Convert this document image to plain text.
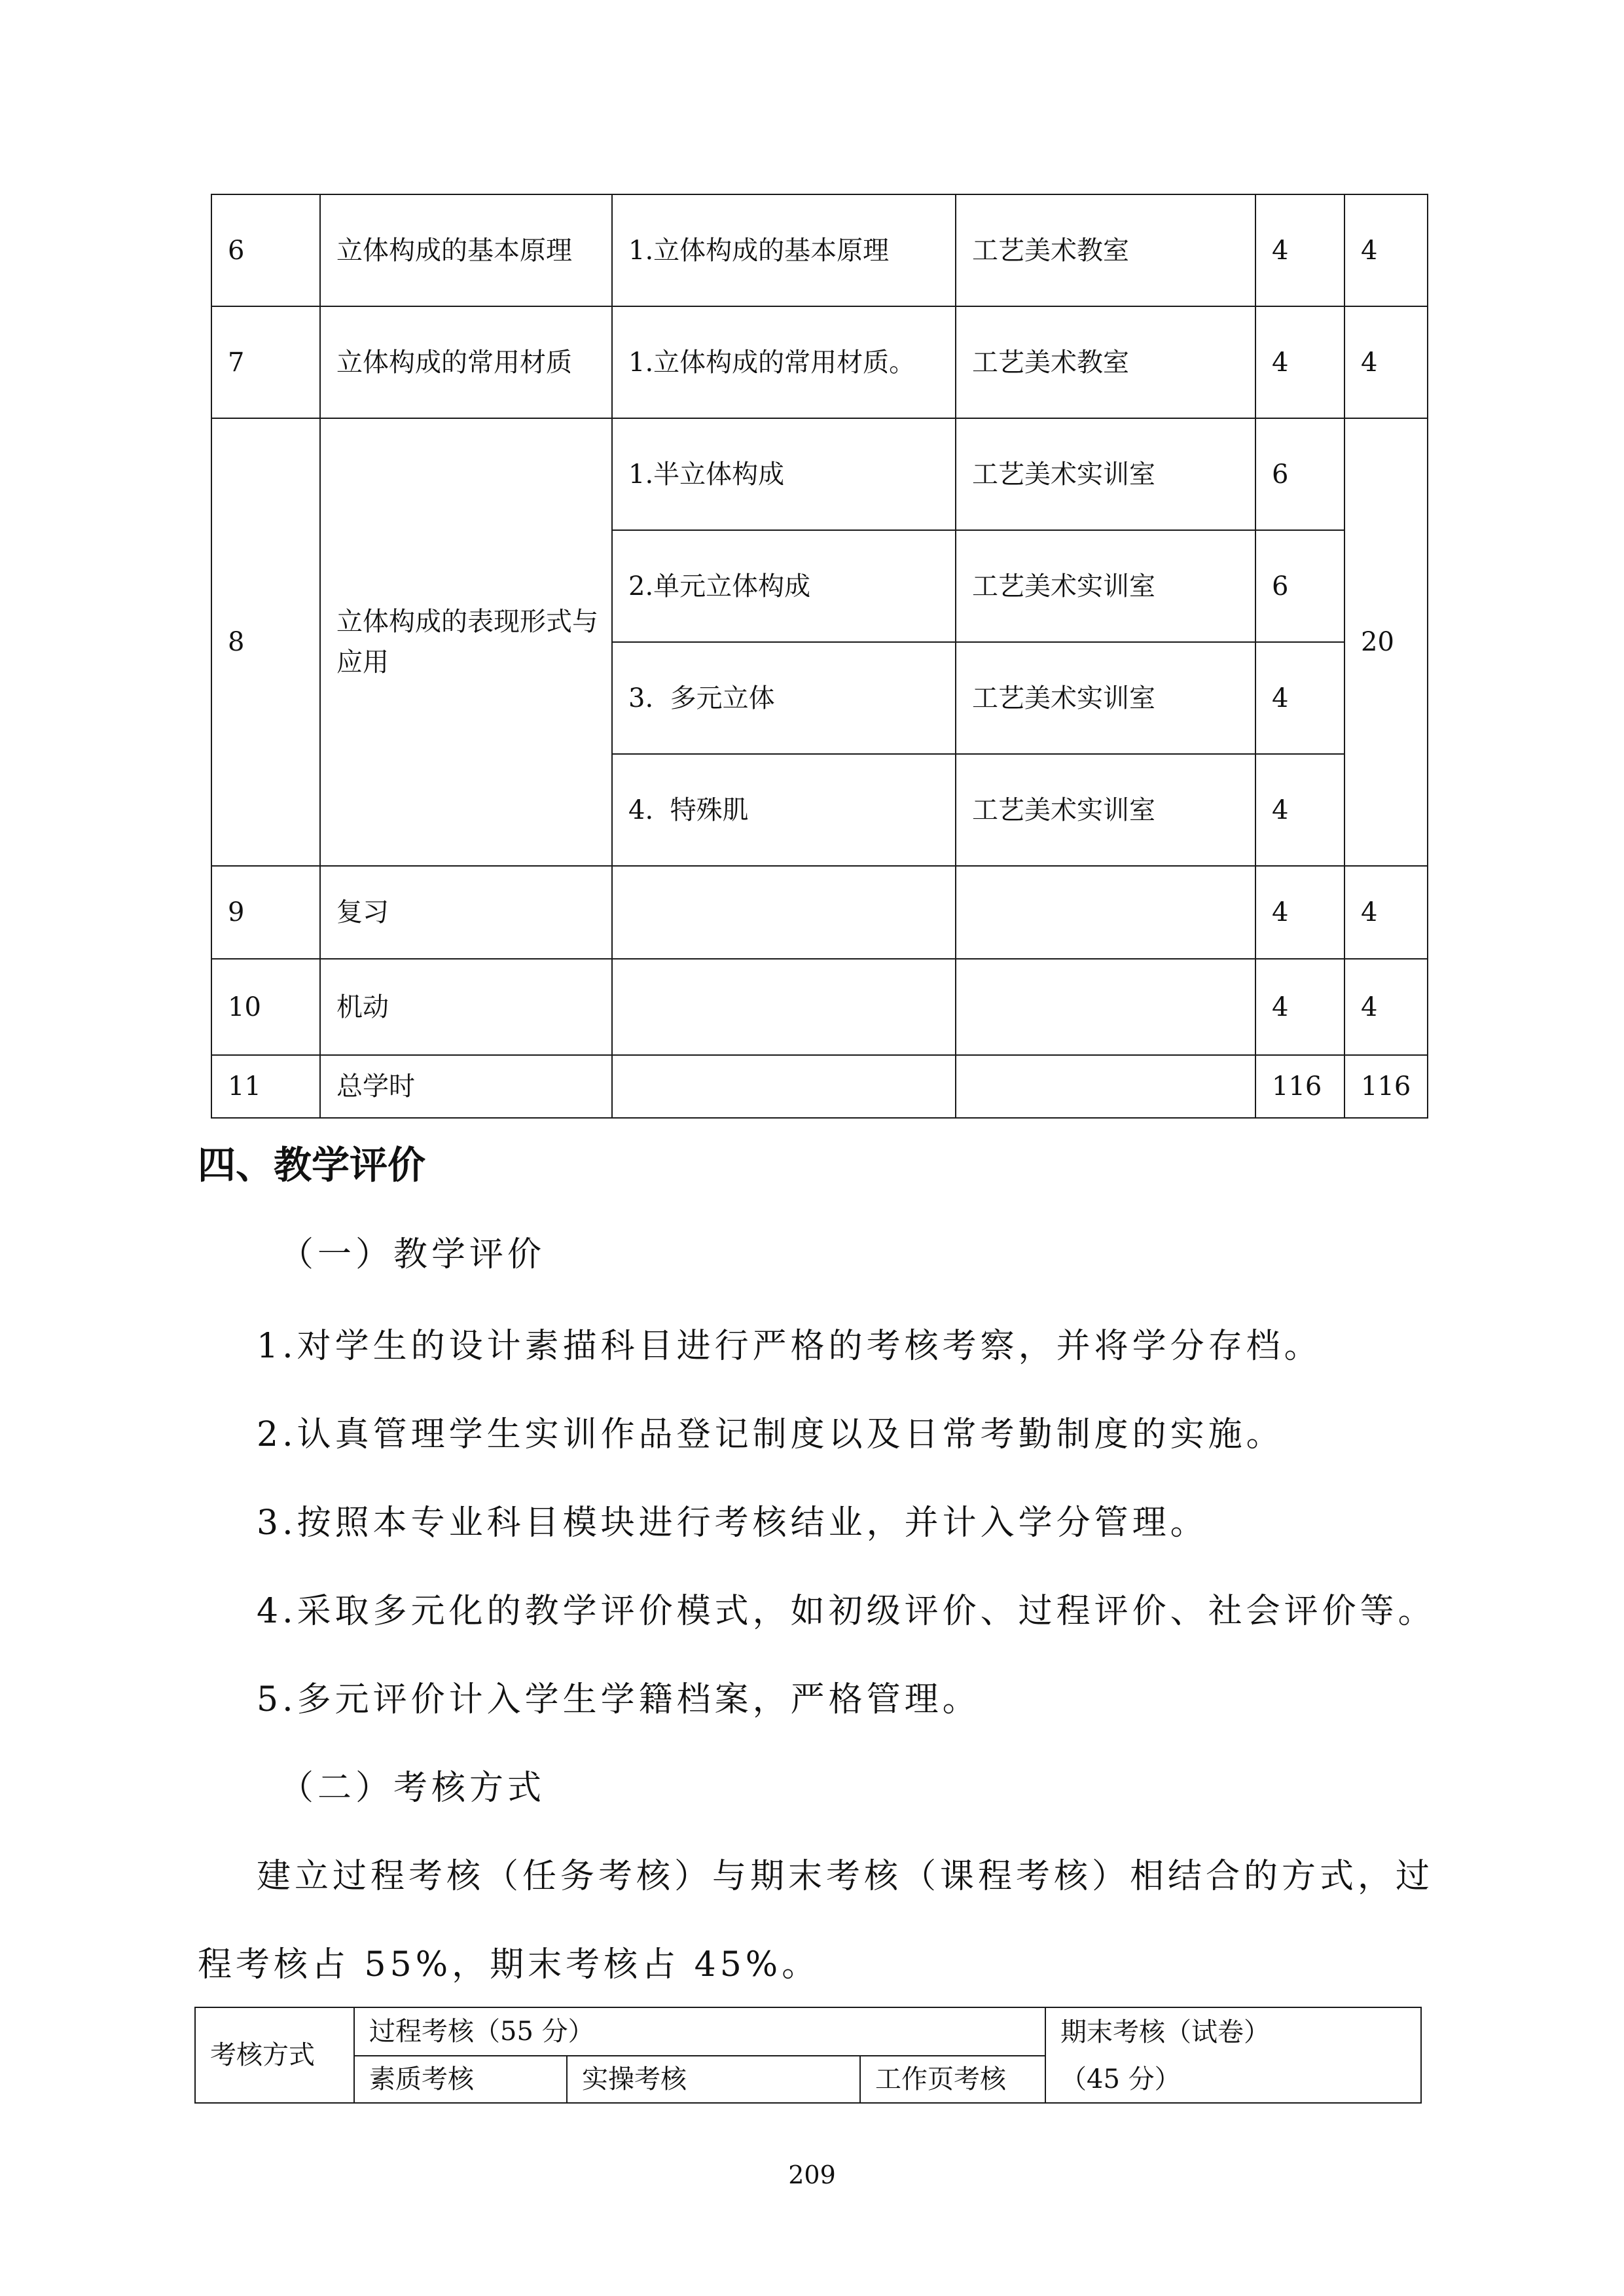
6	立体构成的基本原理	1.立体构成的基本原理	工艺美术教室	4	4
7	立体构成的常用材质	1.立体构成的常用材质。	工艺美术教室	4	4
8	立体构成的表现形式与应用	1.半立体构成	工艺美术实训室	6	20
		2.单元立体构成	工艺美术实训室	6	
		3.  多元立体	工艺美术实训室	4	
		4.  特殊肌	工艺美术实训室	4	
9	复习			4	4
10	机动			4	4
11	总学时			116	116
四、教学评价
（一）教学评价
1.对学生的设计素描科目进行严格的考核考察，并将学分存档。
2.认真管理学生实训作品登记制度以及日常考勤制度的实施。
3.按照本专业科目模块进行考核结业，并计入学分管理。
4.采取多元化的教学评价模式，如初级评价、过程评价、社会评价等。
5.多元评价计入学生学籍档案，严格管理。
（二）考核方式
建立过程考核（任务考核）与期末考核（课程考核）相结合的方式，过
程考核占 55%，期末考核占 45%。
考核方式	过程考核（55 分）			期末考核（试卷）
	素质考核	实操考核	工作页考核	（45 分）
209
